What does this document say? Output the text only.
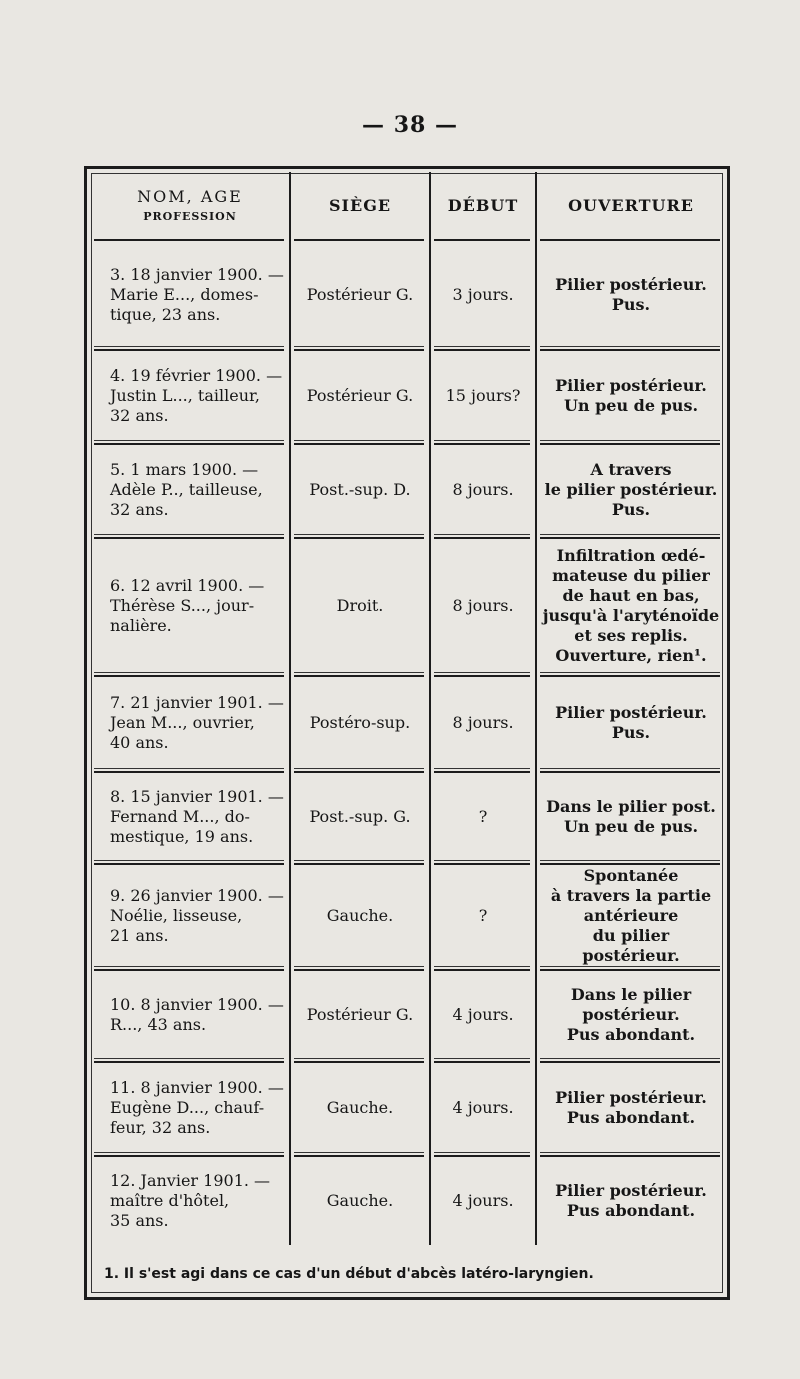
— 38 —
NOM, AGE
PROFESSION
SIÈGE	DÉBUT	OUVERTURE
3. 18 janvier 1900. —
Marie E..., domes-
tique, 23 ans.
Postérieur G. 3 jours.
Pilier postérieur.
Pus.
4. 19 février 1900. —
Justin L..., tailleur,
32 ans.
Postérieur G. 15 jours?
Pilier postérieur.
Un peu de pus.
5. 1 mars 1900. —
Adèle P.., tailleuse,
32 ans.
Post.-sup. D.	8 jours.
A travers
le pilier postérieur.
Pus.
6. 12 avril 1900. —
Thérèse S..., jour-
nalière.
Droit.	8 jours.
Infiltration œdé-
mateuse du pilier
de haut en bas,
jusqu'à l'aryténoïde
et ses replis.
Ouverture, rien¹.
7. 21 janvier 1901. —
Jean M..., ouvrier,
40 ans.
Postéro-sup.	8 jours.
Pilier postérieur.
Pus.
8. 15 janvier 1901. —
Fernand M..., do-
mestique, 19 ans.
Post.-sup. G.	?
Dans le pilier post.
Un peu de pus.
9. 26 janvier 1900. —
Noélie, lisseuse,
21 ans.
Gauche.	?
Spontanée
à travers la partie
antérieure
du pilier postérieur.
10. 8 janvier 1900. —
R..., 43 ans.
Postérieur G. 4 jours.
Dans le pilier
postérieur.
Pus abondant.
11. 8 janvier 1900. —
Eugène D..., chauf-
feur, 32 ans.
Gauche.	4 jours.
Pilier postérieur.
Pus abondant.
12. Janvier 1901. —
maître d'hôtel,
35 ans.
Gauche.	4 jours.
Pilier postérieur.
Pus abondant.
1. Il s'est agi dans ce cas d'un début d'abcès latéro-laryngien.
